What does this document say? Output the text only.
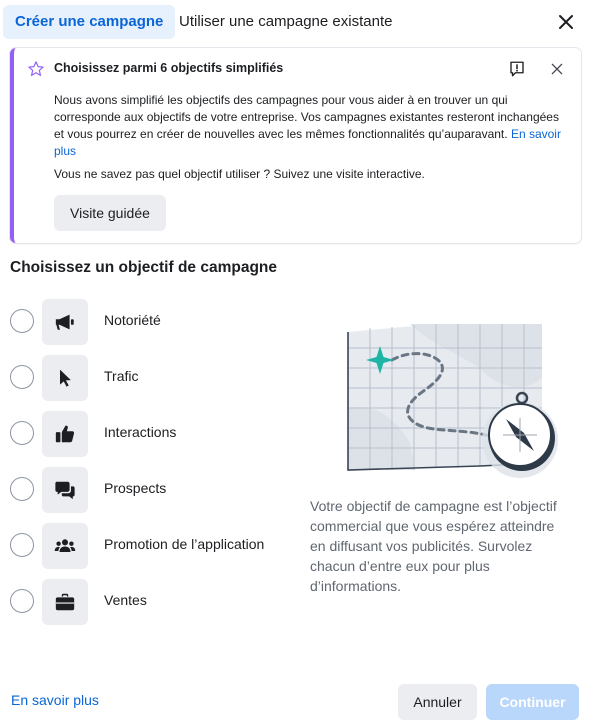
Créer une campagne	Utiliser une campagne existante
Choisissez parmi 6 objectifs simplifiés
Nous avons simplifié les objectifs des campagnes pour vous aider à en trouver un qui corresponde aux objectifs de votre entreprise. Vos campagnes existantes resteront inchangées et vous pourrez en créer de nouvelles avec les mêmes fonctionnalités qu’auparavant. En savoir plus
Vous ne savez pas quel objectif utiliser ? Suivez une visite interactive.
Visite guidée
Choisissez un objectif de campagne
Notoriété
Trafic
Interactions
Prospects
Promotion de l’application
Ventes
Votre objectif de campagne est l’objectif commercial que vous espérez atteindre en diffusant vos publicités. Survolez chacun d’entre eux pour plus d’informations.
En savoir plus	Annuler	Continuer
